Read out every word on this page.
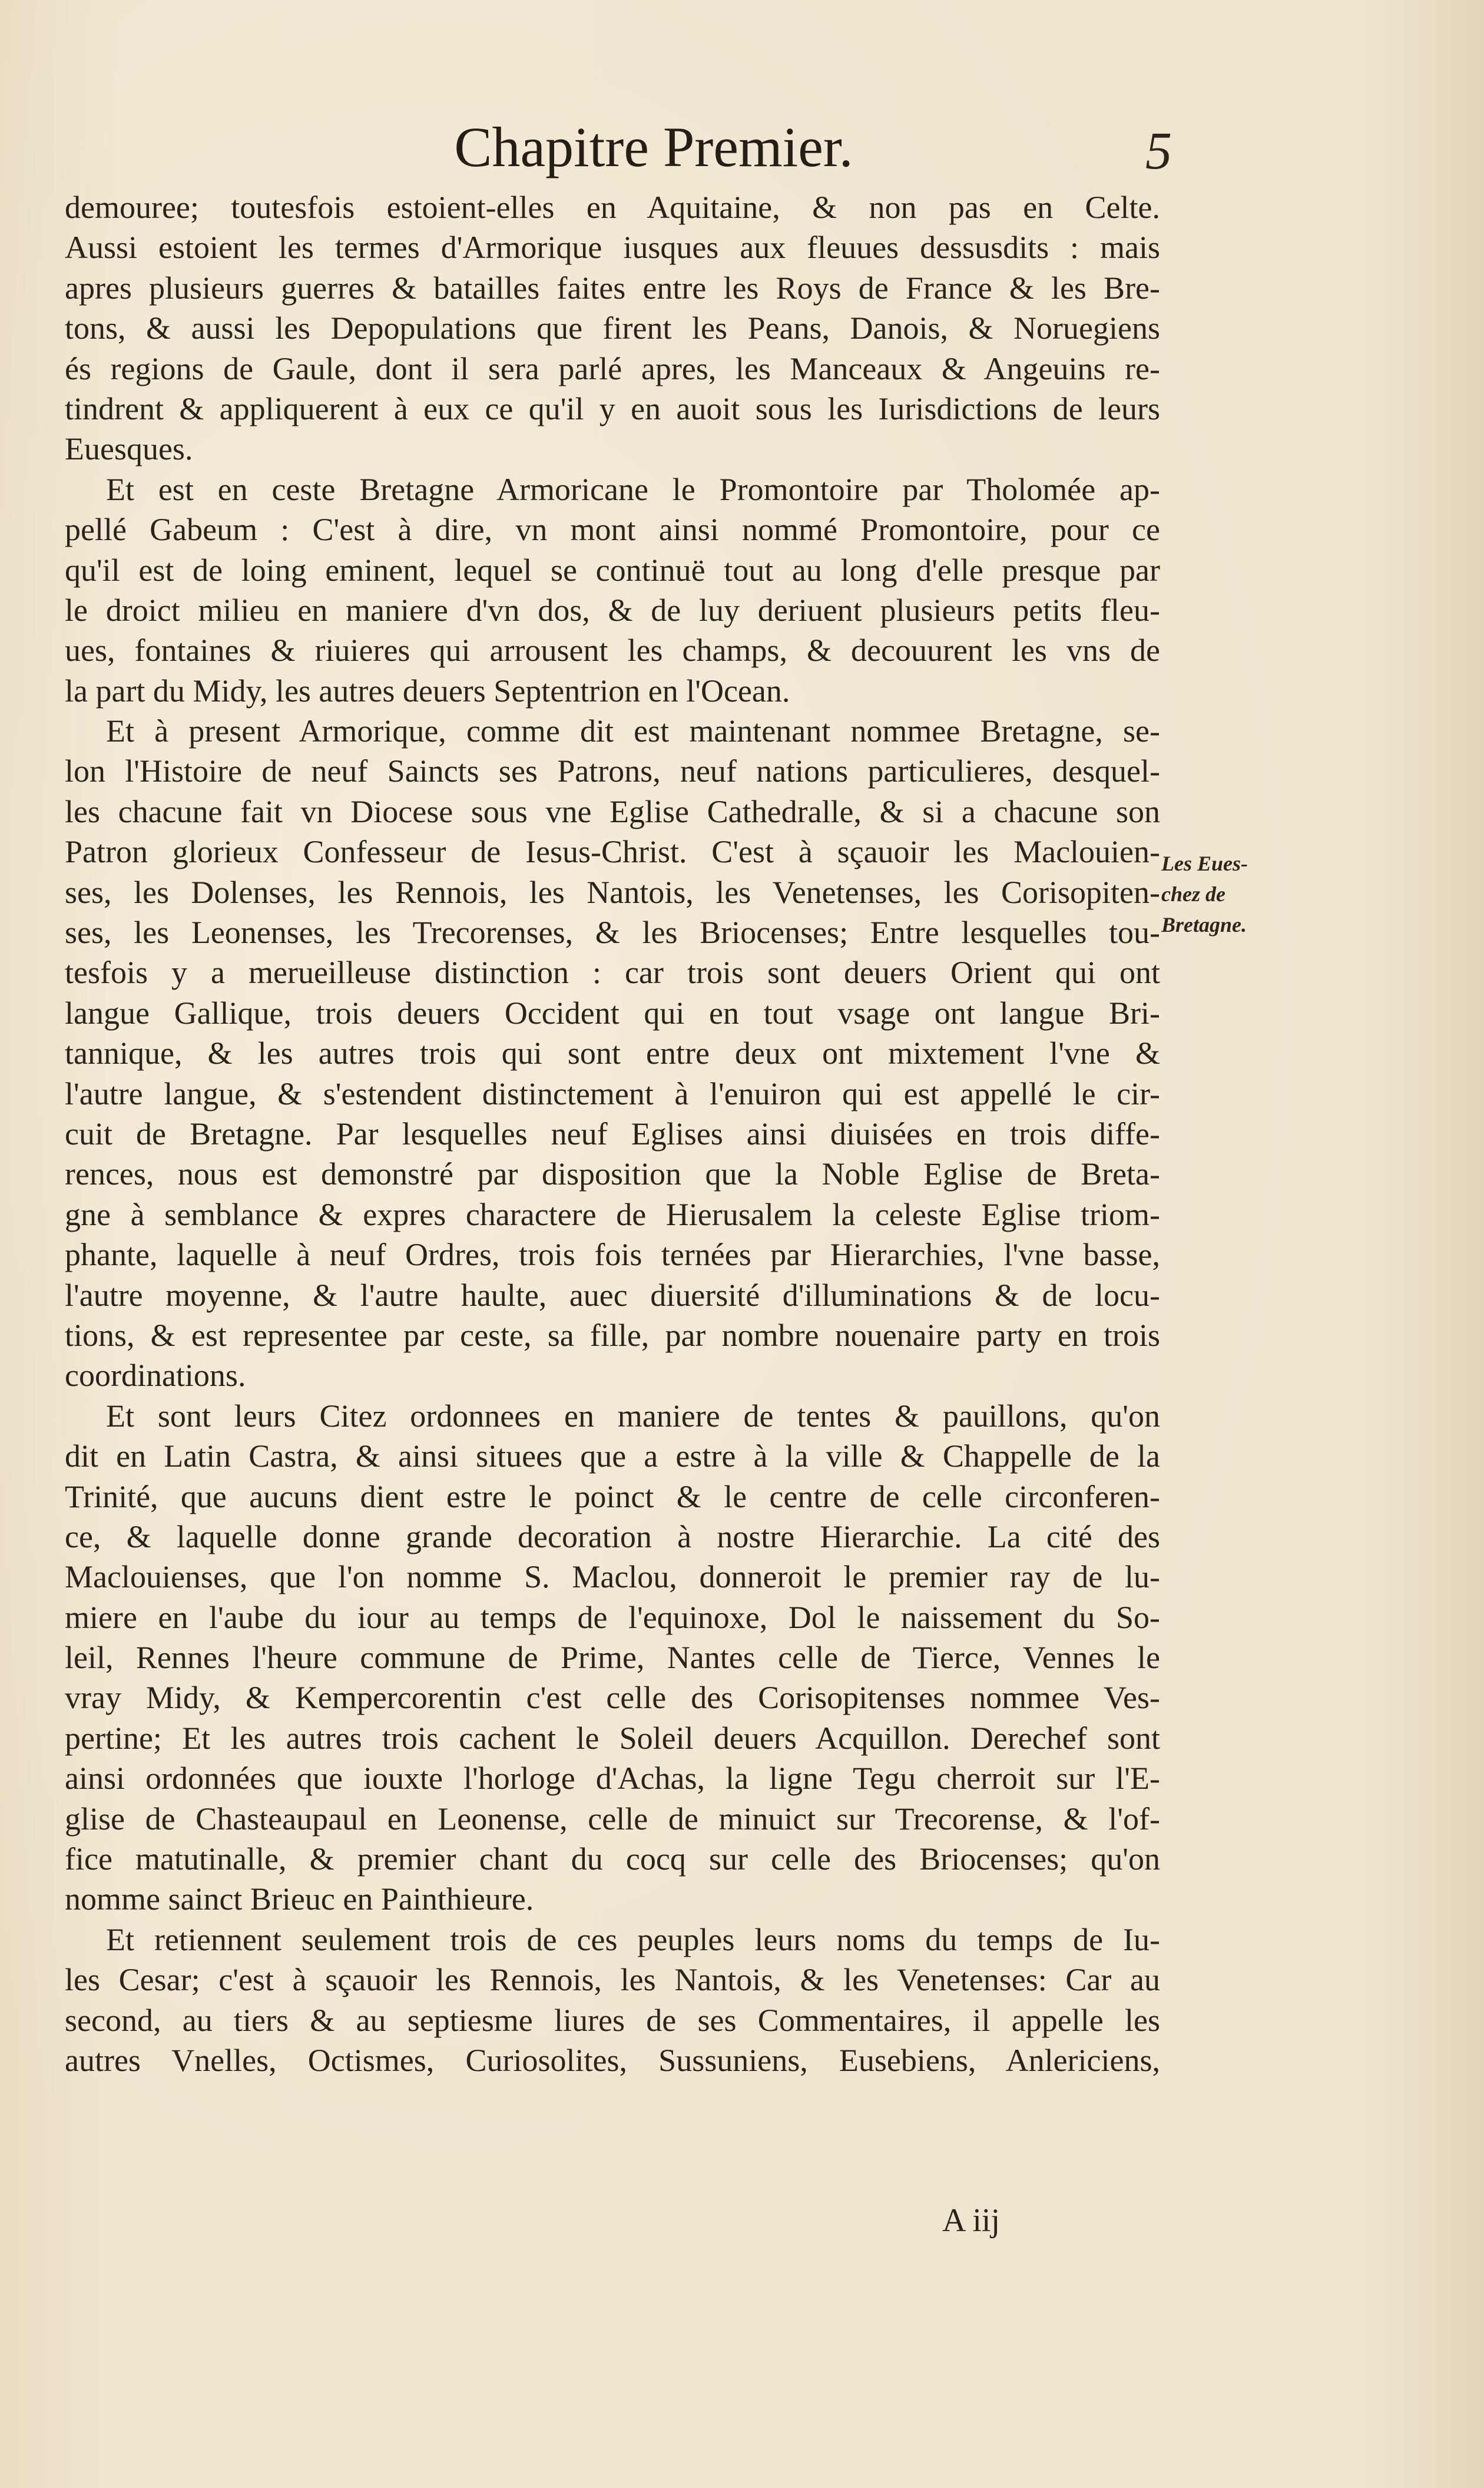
Chapitre Premier.	5
demouree; toutesfois estoient-elles en Aquitaine, & non pas en Celte.
Aussi estoient les termes d'Armorique iusques aux fleuues dessusdits : mais
apres plusieurs guerres & batailles faites entre les Roys de France & les Bre-
tons, & aussi les Depopulations que firent les Peans, Danois, & Noruegiens
és regions de Gaule, dont il sera parlé apres, les Manceaux & Angeuins re-
tindrent & appliquerent à eux ce qu'il y en auoit sous les Iurisdictions de leurs
Euesques.
Et est en ceste Bretagne Armoricane le Promontoire par Tholomée ap-
pellé Gabeum : C'est à dire, vn mont ainsi nommé Promontoire, pour ce
qu'il est de loing eminent, lequel se continuë tout au long d'elle presque par
le droict milieu en maniere d'vn dos, & de luy deriuent plusieurs petits fleu-
ues, fontaines & riuieres qui arrousent les champs, & decouurent les vns de
la part du Midy, les autres deuers Septentrion en l'Ocean.
Et à present Armorique, comme dit est maintenant nommee Bretagne, se-
lon l'Histoire de neuf Saincts ses Patrons, neuf nations particulieres, desquel-
les chacune fait vn Diocese sous vne Eglise Cathedralle, & si a chacune son
Patron glorieux Confesseur de Iesus-Christ. C'est à sçauoir les Maclouien-
ses, les Dolenses, les Rennois, les Nantois, les Venetenses, les Corisopiten-
ses, les Leonenses, les Trecorenses, & les Briocenses; Entre lesquelles tou-
tesfois y a merueilleuse distinction : car trois sont deuers Orient qui ont
langue Gallique, trois deuers Occident qui en tout vsage ont langue Bri-
tannique, & les autres trois qui sont entre deux ont mixtement l'vne &
l'autre langue, & s'estendent distinctement à l'enuiron qui est appellé le cir-
cuit de Bretagne. Par lesquelles neuf Eglises ainsi diuisées en trois diffe-
rences, nous est demonstré par disposition que la Noble Eglise de Breta-
gne à semblance & expres charactere de Hierusalem la celeste Eglise triom-
phante, laquelle à neuf Ordres, trois fois ternées par Hierarchies, l'vne basse,
l'autre moyenne, & l'autre haulte, auec diuersité d'illuminations & de locu-
tions, & est representee par ceste, sa fille, par nombre nouenaire party en trois
coordinations.
Et sont leurs Citez ordonnees en maniere de tentes & pauillons, qu'on
dit en Latin Castra, & ainsi situees que a estre à la ville & Chappelle de la
Trinité, que aucuns dient estre le poinct & le centre de celle circonferen-
ce, & laquelle donne grande decoration à nostre Hierarchie. La cité des
Maclouienses, que l'on nomme S. Maclou, donneroit le premier ray de lu-
miere en l'aube du iour au temps de l'equinoxe, Dol le naissement du So-
leil, Rennes l'heure commune de Prime, Nantes celle de Tierce, Vennes le
vray Midy, & Kempercorentin c'est celle des Corisopitenses nommee Ves-
pertine; Et les autres trois cachent le Soleil deuers Acquillon. Derechef sont
ainsi ordonnées que iouxte l'horloge d'Achas, la ligne Tegu cherroit sur l'E-
glise de Chasteaupaul en Leonense, celle de minuict sur Trecorense, & l'of-
fice matutinalle, & premier chant du cocq sur celle des Briocenses; qu'on
nomme sainct Brieuc en Painthieure.
Et retiennent seulement trois de ces peuples leurs noms du temps de Iu-
les Cesar; c'est à sçauoir les Rennois, les Nantois, & les Venetenses: Car au
second, au tiers & au septiesme liures de ses Commentaires, il appelle les
autres Vnelles, Octismes, Curiosolites, Sussuniens, Eusebiens, Anlericiens,
Les Eues-
chez de
Bretagne.
A iij
